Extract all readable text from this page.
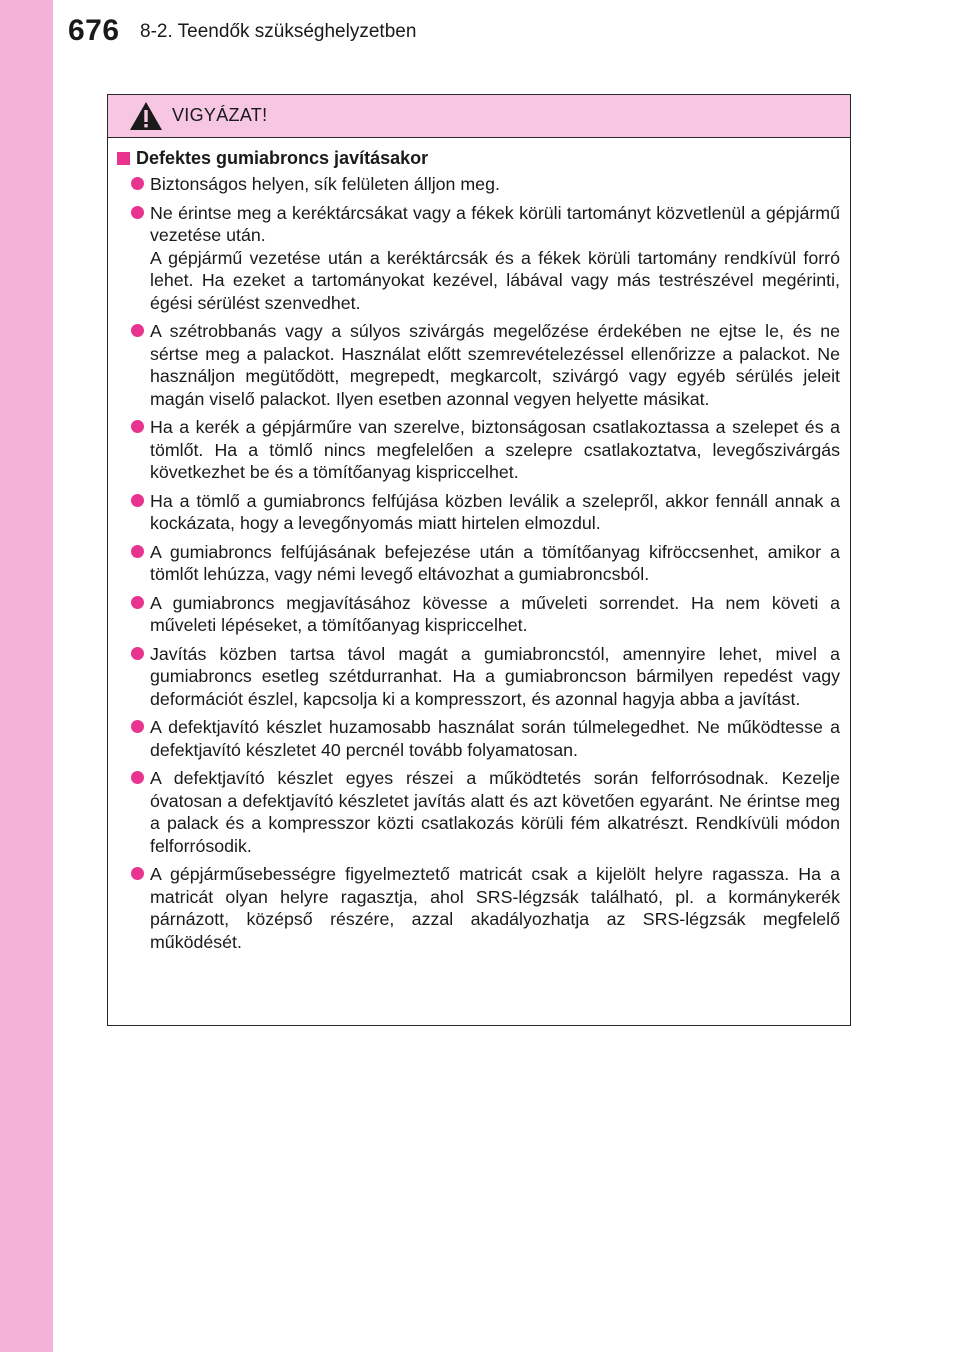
676 8-2. Teendők szükséghelyzetben
VIGYÁZAT!
Defektes gumiabroncs javításakor
Biztonságos helyen, sík felületen álljon meg.
Ne érintse meg a keréktárcsákat vagy a fékek körüli tartományt közvetlenül a gépjármű vezetése után.
A gépjármű vezetése után a keréktárcsák és a fékek körüli tartomány rendkívül forró lehet. Ha ezeket a tartományokat kezével, lábával vagy más testrészével megérinti, égési sérülést szenvedhet.
A szétrobbanás vagy a súlyos szivárgás megelőzése érdekében ne ejtse le, és ne sértse meg a palackot. Használat előtt szemrevételezéssel ellenőrizze a palackot. Ne használjon megütődött, megrepedt, megkarcolt, szivárgó vagy egyéb sérülés jeleit magán viselő palackot. Ilyen esetben azonnal vegyen helyette másikat.
Ha a kerék a gépjárműre van szerelve, biztonságosan csatlakoztassa a szelepet és a tömlőt. Ha a tömlő nincs megfelelően a szelepre csatlakoztatva, levegőszivárgás következhet be és a tömítőanyag kispriccelhet.
Ha a tömlő a gumiabroncs felfújása közben leválik a szelepről, akkor fennáll annak a kockázata, hogy a levegőnyomás miatt hirtelen elmozdul.
A gumiabroncs felfújásának befejezése után a tömítőanyag kifröccsenhet, amikor a tömlőt lehúzza, vagy némi levegő eltávozhat a gumiabroncsból.
A gumiabroncs megjavításához kövesse a műveleti sorrendet. Ha nem követi a műveleti lépéseket, a tömítőanyag kispriccelhet.
Javítás közben tartsa távol magát a gumiabroncstól, amennyire lehet, mivel a gumiabroncs esetleg szétdurranhat. Ha a gumiabroncson bármilyen repedést vagy deformációt észlel, kapcsolja ki a kompresszort, és azonnal hagyja abba a javítást.
A defektjavító készlet huzamosabb használat során túlmelegedhet. Ne működtesse a defektjavító készletet 40 percnél tovább folyamatosan.
A defektjavító készlet egyes részei a működtetés során felforrósodnak. Kezelje óvatosan a defektjavító készletet javítás alatt és azt követően egyaránt. Ne érintse meg a palack és a kompresszor közti csatlakozás körüli fém alkatrészt. Rendkívüli módon felforrósodik.
A gépjárműsebességre figyelmeztető matricát csak a kijelölt helyre ragassza. Ha a matricát olyan helyre ragasztja, ahol SRS-légzsák található, pl. a kormánykerék párnázott, középső részére, azzal akadályozhatja az SRS-légzsák megfelelő működését.
